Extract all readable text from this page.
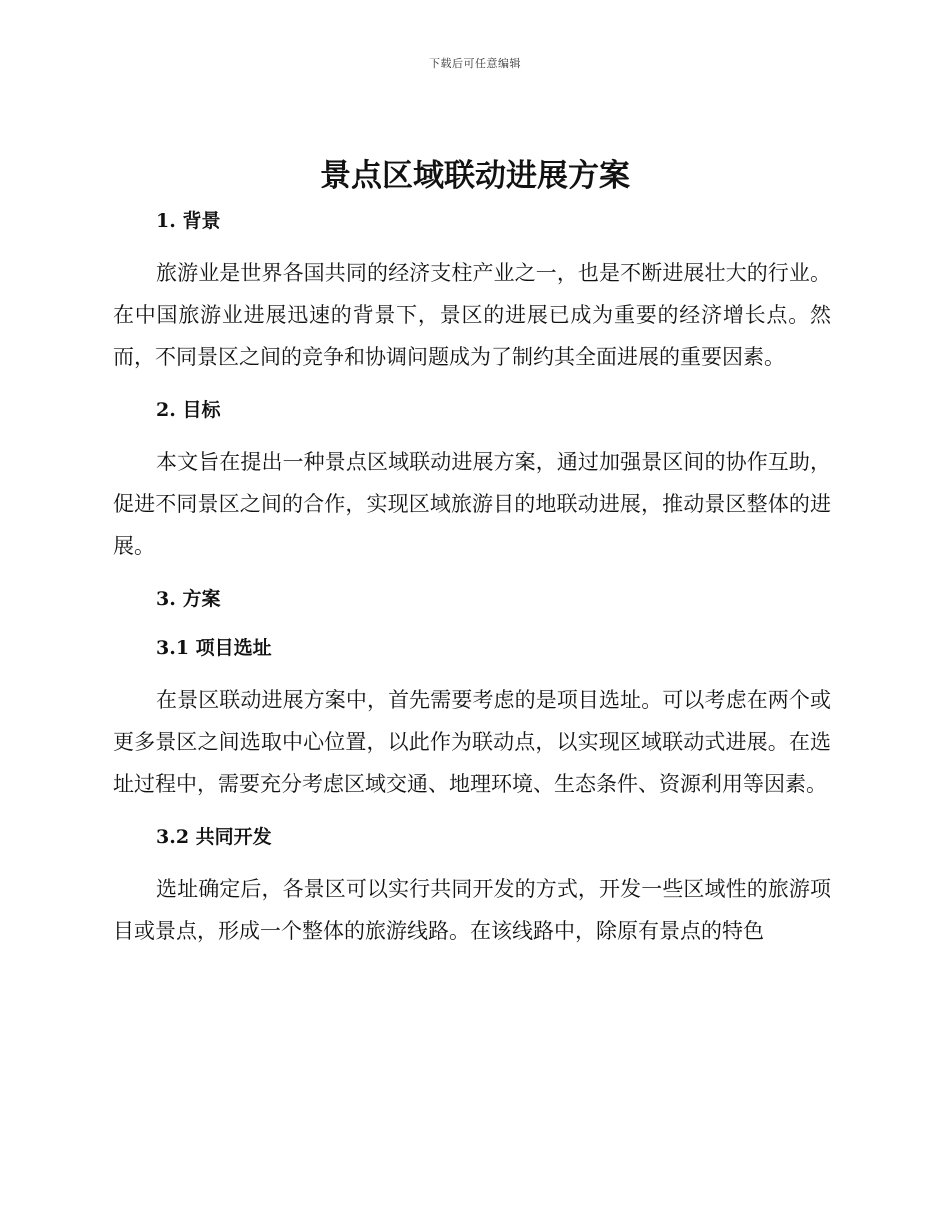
下载后可任意编辑
景点区域联动进展方案
1. 背景

旅游业是世界各国共同的经济支柱产业之一，也是不断进展壮大的行业。在中国旅游业进展迅速的背景下，景区的进展已成为重要的经济增长点。然而，不同景区之间的竞争和协调问题成为了制约其全面进展的重要因素。

2. 目标

本文旨在提出一种景点区域联动进展方案，通过加强景区间的协作互助，促进不同景区之间的合作，实现区域旅游目的地联动进展，推动景区整体的进展。

3. 方案
3.1 项目选址

在景区联动进展方案中，首先需要考虑的是项目选址。可以考虑在两个或更多景区之间选取中心位置，以此作为联动点，以实现区域联动式进展。在选址过程中，需要充分考虑区域交通、地理环境、生态条件、资源利用等因素。

3.2 共同开发

选址确定后，各景区可以实行共同开发的方式，开发一些区域性的旅游项目或景点，形成一个整体的旅游线路。在该线路中，除原有景点的特色
